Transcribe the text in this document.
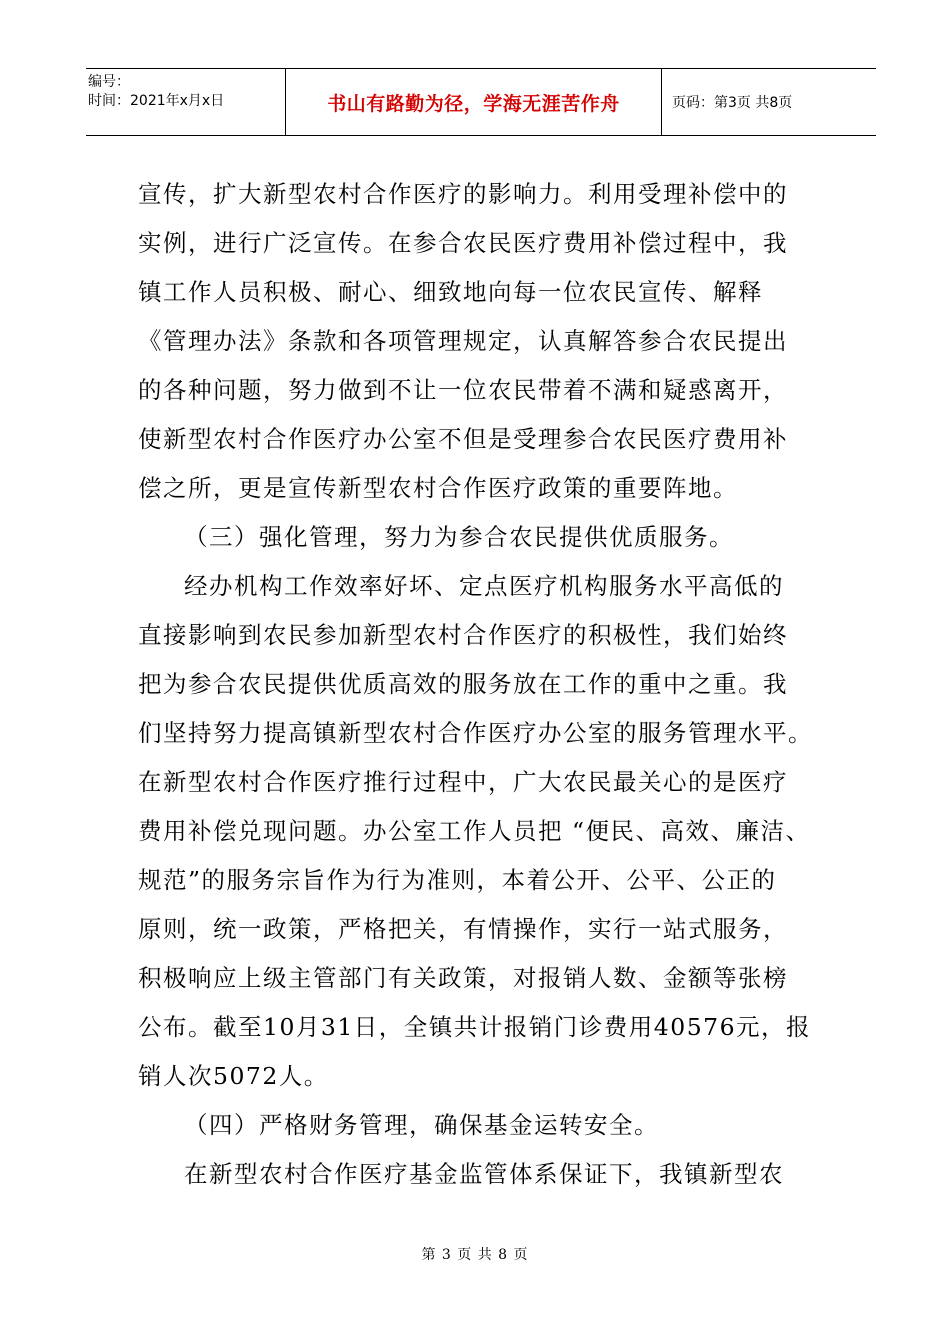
编号：
时间：2021年x月x日	书山有路勤为径，学海无涯苦作舟	页码：第3页 共8页
宣传，扩大新型农村合作医疗的影响力。利用受理补偿中的
实例，进行广泛宣传。在参合农民医疗费用补偿过程中，我
镇工作人员积极、耐心、细致地向每一位农民宣传、解释
《管理办法》条款和各项管理规定，认真解答参合农民提出
的各种问题，努力做到不让一位农民带着不满和疑惑离开，
使新型农村合作医疗办公室不但是受理参合农民医疗费用补
偿之所，更是宣传新型农村合作医疗政策的重要阵地。
（三）强化管理，努力为参合农民提供优质服务。
经办机构工作效率好坏、定点医疗机构服务水平高低的
直接影响到农民参加新型农村合作医疗的积极性，我们始终
把为参合农民提供优质高效的服务放在工作的重中之重。我
们坚持努力提高镇新型农村合作医疗办公室的服务管理水平。
在新型农村合作医疗推行过程中，广大农民最关心的是医疗
费用补偿兑现问题。办公室工作人员把 “便民、高效、廉洁、
规范”的服务宗旨作为行为准则，本着公开、公平、公正的
原则，统一政策，严格把关，有情操作，实行一站式服务，
积极响应上级主管部门有关政策，对报销人数、金额等张榜
公布。截至10月31日，全镇共计报销门诊费用40576元，报
销人次5072人。
（四）严格财务管理，确保基金运转安全。
在新型农村合作医疗基金监管体系保证下，我镇新型农
第 3 页 共 8 页
